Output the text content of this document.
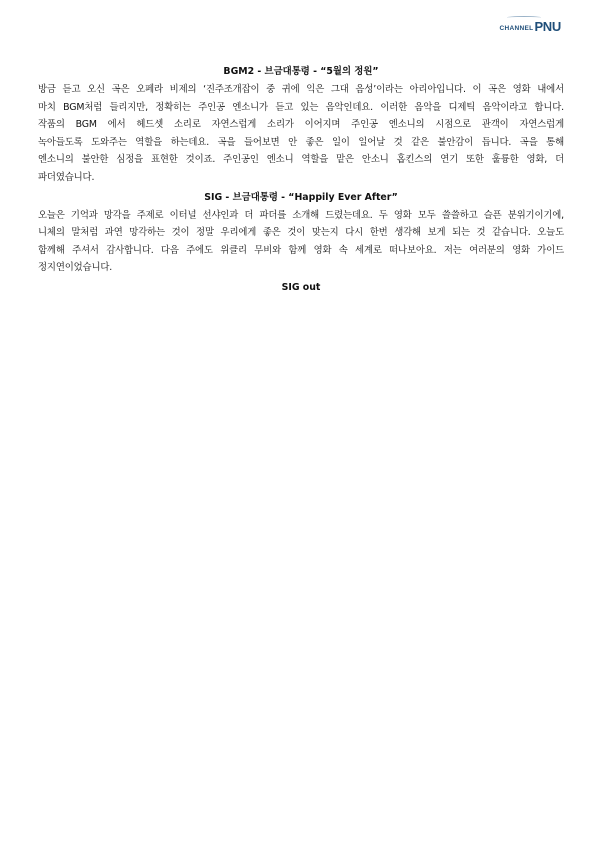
CHANNEL PNU

BGM2 - 브금대통령 - “5월의 정원”

방금 듣고 오신 곡은 오페라 비제의 ‘진주조개잡이 중 귀에 익은 그대 음성’이라는 아리아입니다. 이 곡은 영화 내에서
마치 BGM처럼 들리지만, 정확히는 주인공 엔소니가 듣고 있는 음악인데요. 이러한 음악을 디제틱 음악이라고 합니다.
작품의 BGM 에서 헤드셋 소리로 자연스럽게 소리가 이어지며 주인공 엔소니의 시점으로 관객이 자연스럽게
녹아들도록 도와주는 역할을 하는데요. 곡을 들어보면 안 좋은 일이 일어날 것 같은 불안감이 듭니다. 곡을 통해
엔소니의 불안한 심정을 표현한 것이죠. 주인공인 엔소니 역할을 맡은 안소니 홉킨스의 연기 또한 훌륭한 영화, 더
파더였습니다.

SIG - 브금대통령 - “Happily Ever After”

오늘은 기억과 망각을 주제로 이터널 선샤인과 더 파더를 소개해 드렸는데요. 두 영화 모두 쓸쓸하고 슬픈 분위기이기에,
니체의 말처럼 과연 망각하는 것이 정말 우리에게 좋은 것이 맞는지 다시 한번 생각해 보게 되는 것 같습니다. 오늘도
함께해 주셔서 감사합니다. 다음 주에도 위클리 무비와 함께 영화 속 세계로 떠나보아요. 저는 여러분의 영화 가이드
정지연이었습니다.

SIG out
